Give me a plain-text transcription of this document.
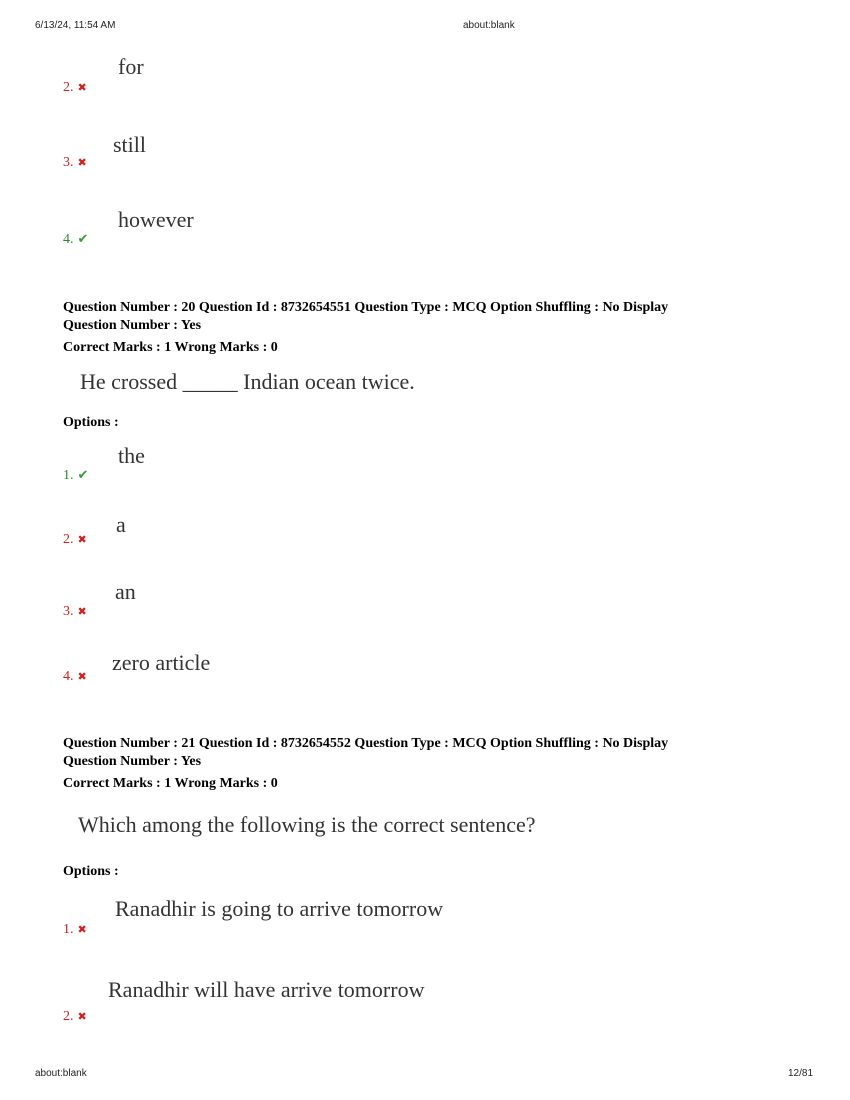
6/13/24, 11:54 AM	about:blank
2. ✖
for
3. ✖
still
4. ✔
however
Question Number : 20 Question Id : 8732654551 Question Type : MCQ Option Shuffling : No Display
Question Number : Yes
Correct Marks : 1 Wrong Marks : 0
He crossed _____ Indian ocean twice.
Options :
1. ✔
the
2. ✖
a
3. ✖
an
4. ✖
zero article
Question Number : 21 Question Id : 8732654552 Question Type : MCQ Option Shuffling : No Display
Question Number : Yes
Correct Marks : 1 Wrong Marks : 0
Which among the following is the correct sentence?
Options :
1. ✖
Ranadhir is going to arrive tomorrow
2. ✖
Ranadhir will have arrive tomorrow
about:blank	12/81
